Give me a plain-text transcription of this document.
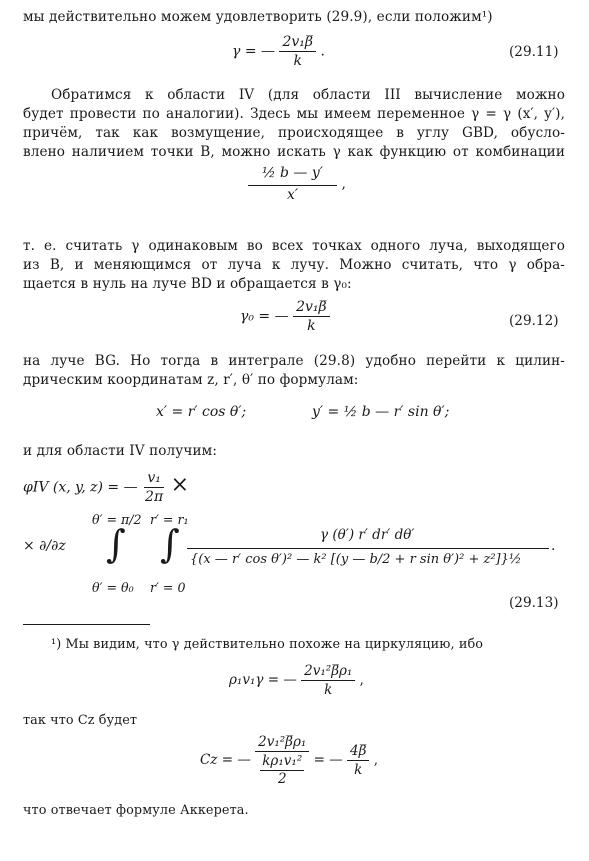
мы действительно можем удовлетворить (29.9), если положим¹)
γ = — $\frac{\text{2v₁β̅}}{k}$ .	(29.11)
Обратимся к области IV (для области III вычисление можно
будет провести по аналогии). Здесь мы имеем переменное γ = γ (x′, y′),
причём, так как возмущение, происходящее в углу GBD, обусло-
влено наличием точки B, можно искать γ как функцию от комбинации
$\frac{\text{½ b — y′}}{x'}$ ,
т. е. считать γ одинаковым во всех точках одного луча, выходящего
из B, и меняющимся от луча к лучу. Можно считать, что γ обра-
щается в нуль на луче BD и обращается в γ₀:
γ₀ = — $\frac{\text{2v₁β̅}}{k}$	(29.12)
на луче BG. Но тогда в интеграле (29.8) удобно перейти к цилин-
дрическим координатам z, r′, θ′ по формулам:
x′ = r′ cos θ′;	y′ = ½ b — r′ sin θ′;
и для области IV получим:
φIV (x, y, z) = — $\frac{\text{v₁}}{2\pi}$ ×
× ∂/∂z
θ′ = π/2
∫
θ′ = θ₀
r′ = r₁
∫
r′ = 0
γ (θ′) r′ dr′ dθ′
{(x — r′ cos θ′)² — k² [(y — b/2 + r sin θ′)² + z²]}½
.
(29.13)
¹) Мы видим, что γ действительно похоже на циркуляцию, ибо
ρ₁v₁γ = — $\frac{\text{2v₁²β̅ρ₁}}{k}$ ,
так что Cz будет
Cz = — 2v₁²β̅ρ₁
kρ₁v₁²
2 = — $\frac{4\beta̅}{k}$ ,
что отвечает формуле Аккерета.
